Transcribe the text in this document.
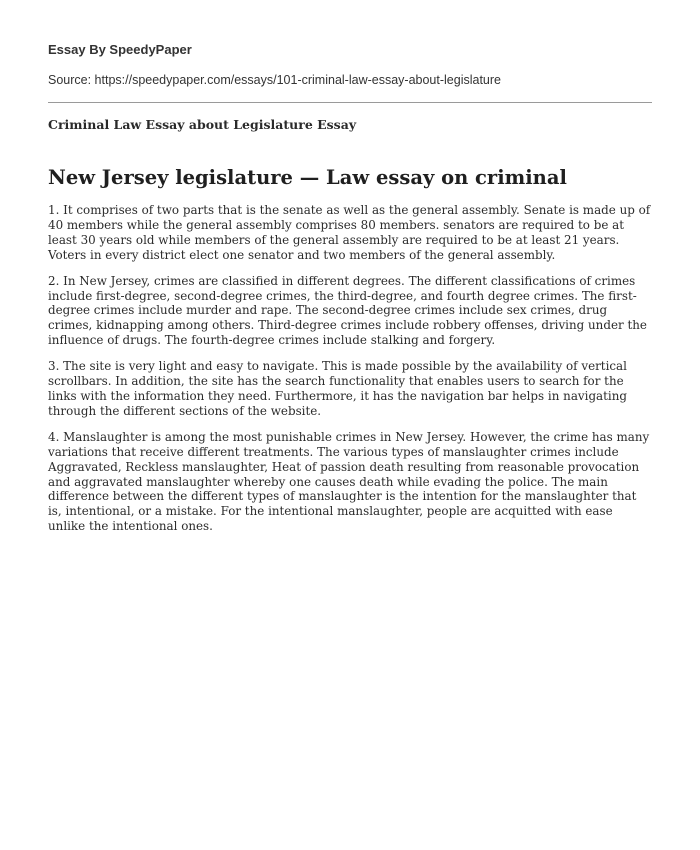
Essay By SpeedyPaper

Source: https://speedypaper.com/essays/101-criminal-law-essay-about-legislature

Criminal Law Essay about Legislature Essay

New Jersey legislature — Law essay on criminal

1. It comprises of two parts that is the senate as well as the general assembly. Senate is made up of 40 members while the general assembly comprises 80 members. senators are required to be at least 30 years old while members of the general assembly are required to be at least 21 years. Voters in every district elect one senator and two members of the general assembly.

2. In New Jersey, crimes are classified in different degrees. The different classifications of crimes include first-degree, second-degree crimes, the third-degree, and fourth degree crimes. The first-degree crimes include murder and rape. The second-degree crimes include sex crimes, drug crimes, kidnapping among others. Third-degree crimes include robbery offenses, driving under the influence of drugs. The fourth-degree crimes include stalking and forgery.

3. The site is very light and easy to navigate. This is made possible by the availability of vertical scrollbars. In addition, the site has the search functionality that enables users to search for the links with the information they need. Furthermore, it has the navigation bar helps in navigating through the different sections of the website.

4. Manslaughter is among the most punishable crimes in New Jersey. However, the crime has many variations that receive different treatments. The various types of manslaughter crimes include Aggravated, Reckless manslaughter, Heat of passion death resulting from reasonable provocation and aggravated manslaughter whereby one causes death while evading the police. The main difference between the different types of manslaughter is the intention for the manslaughter that is, intentional, or a mistake. For the intentional manslaughter, people are acquitted with ease unlike the intentional ones.
